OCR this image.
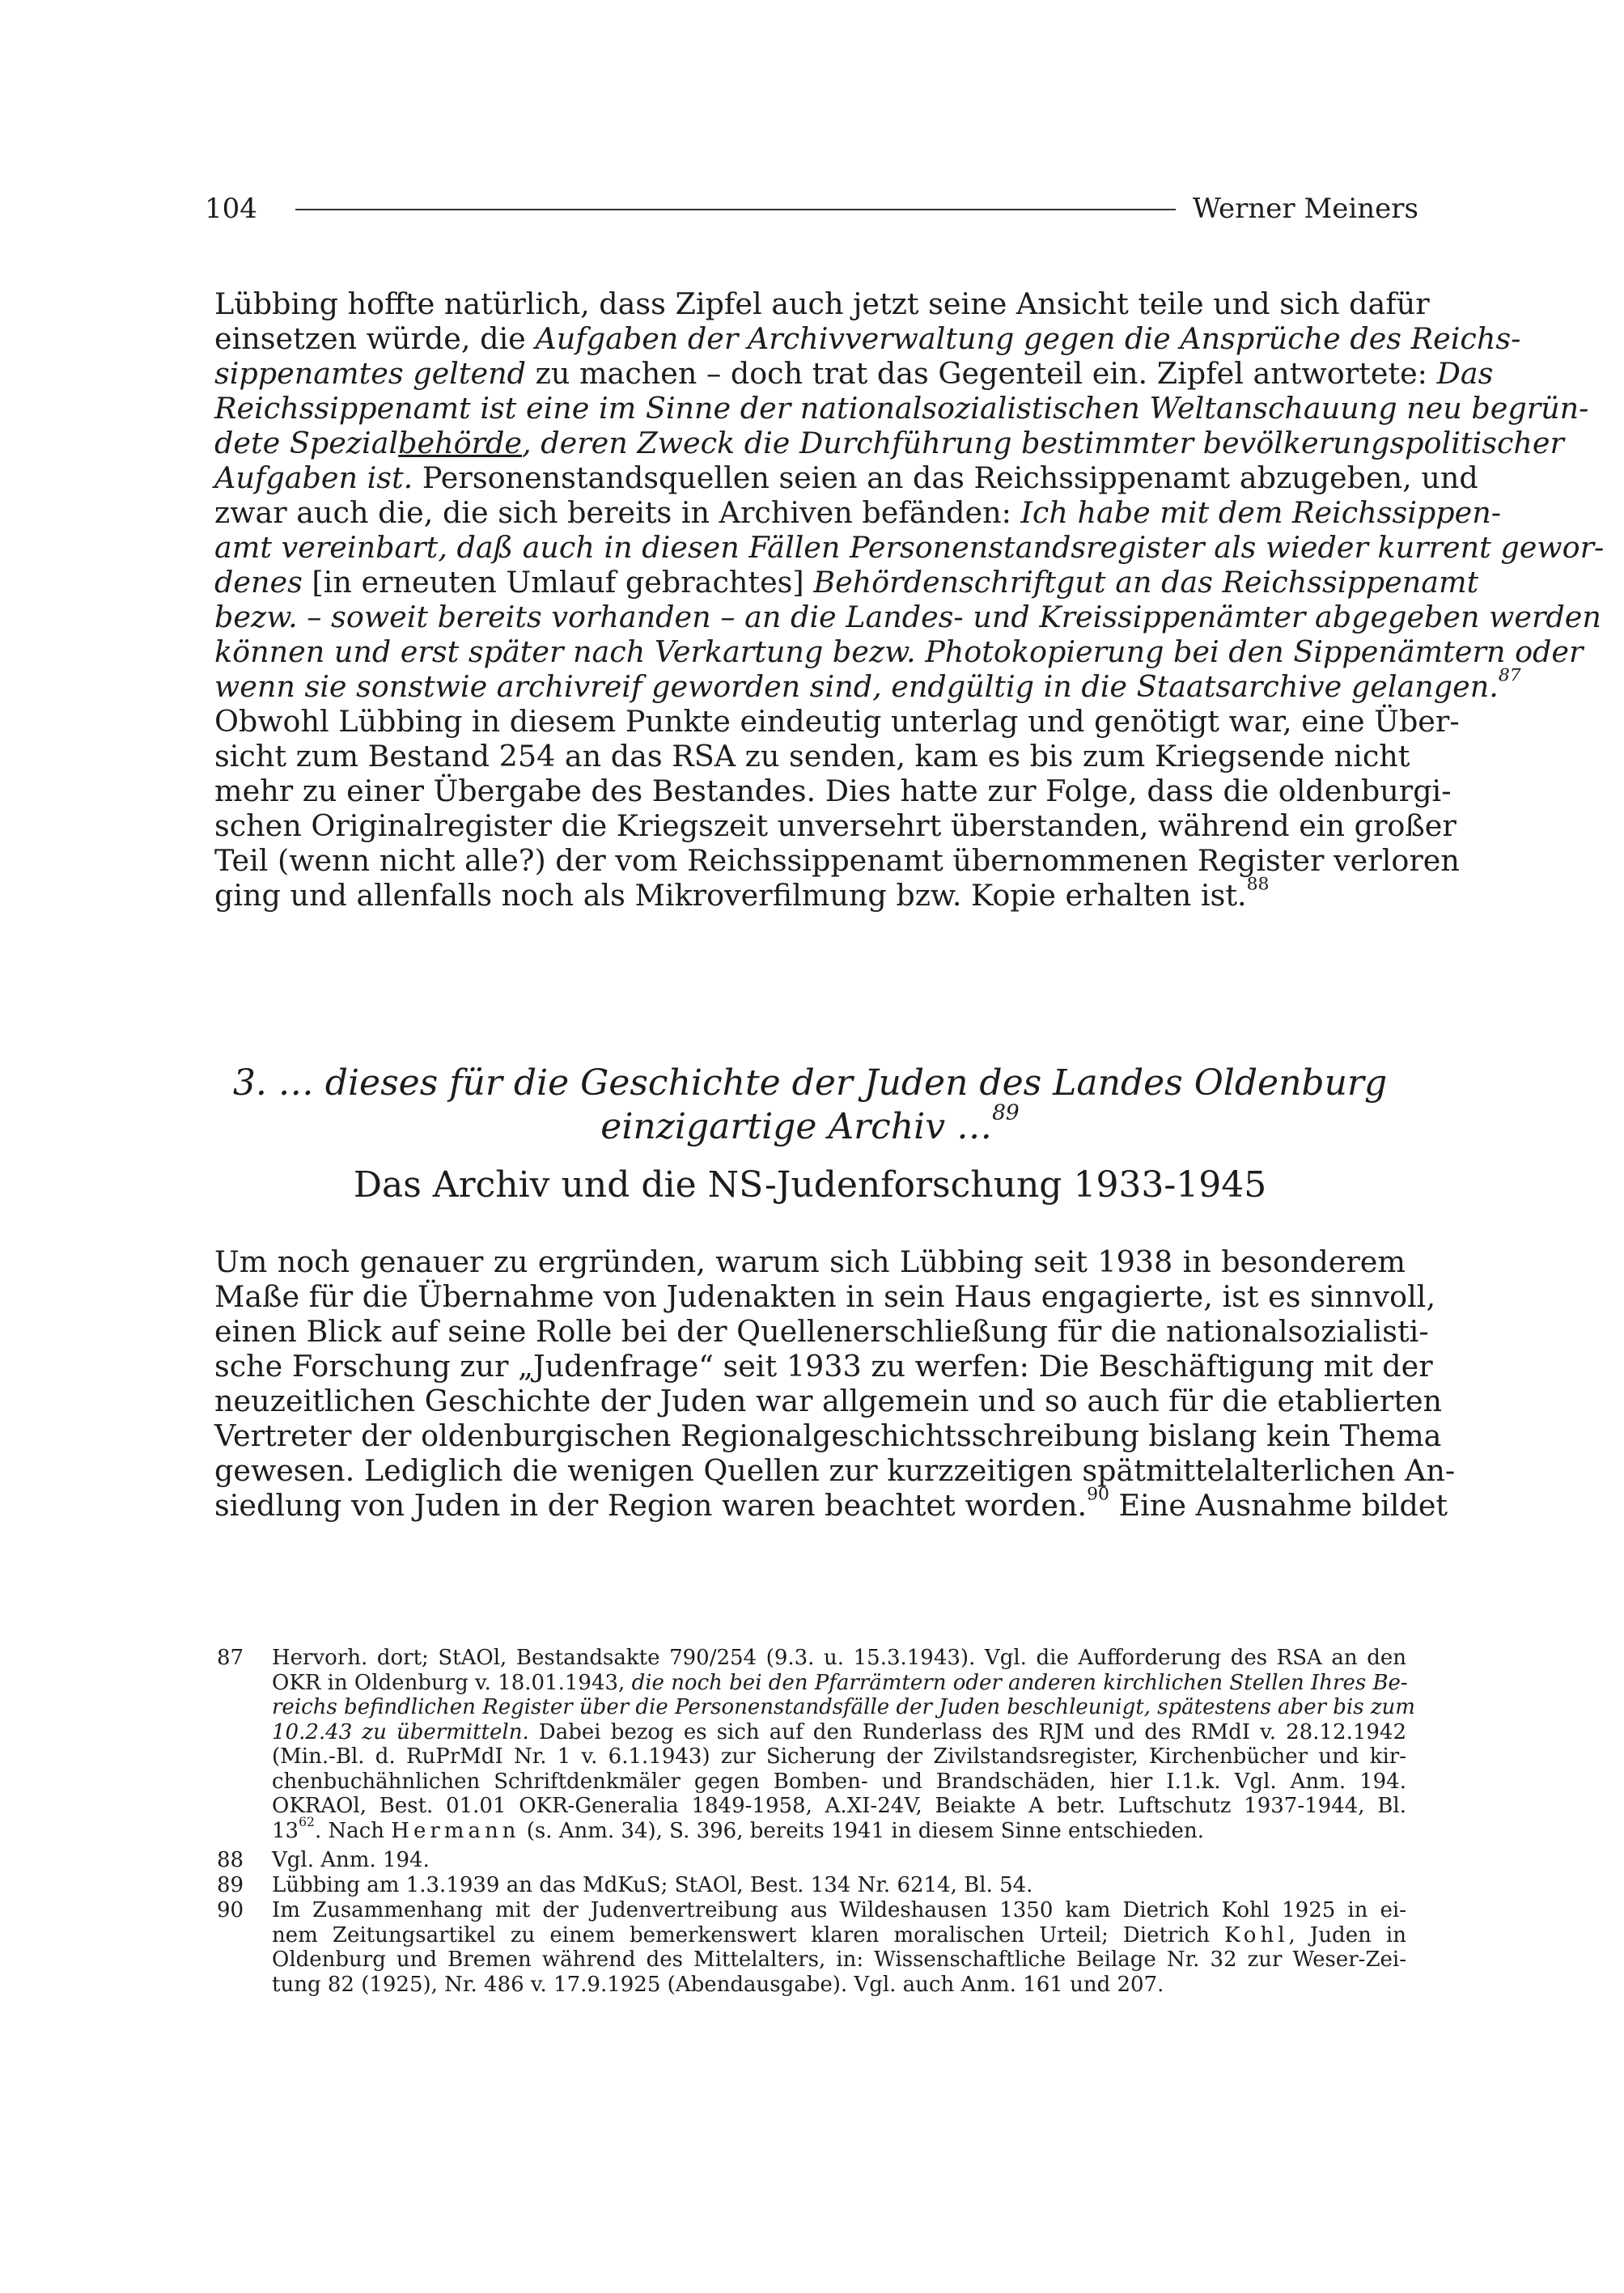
104	Werner Meiners
Lübbing hoffte natürlich, dass Zipfel auch jetzt seine Ansicht teile und sich dafür
einsetzen würde, die Aufgaben der Archivverwaltung gegen die Ansprüche des Reichs-
sippenamtes geltend zu machen – doch trat das Gegenteil ein. Zipfel antwortete: Das
Reichssippenamt ist eine im Sinne der nationalsozialistischen Weltanschauung neu begrün-
dete Spezialbehörde, deren Zweck die Durchführung bestimmter bevölkerungspolitischer
Aufgaben ist. Personenstandsquellen seien an das Reichssippenamt abzugeben, und
zwar auch die, die sich bereits in Archiven befänden: Ich habe mit dem Reichssippen-
amt vereinbart, daß auch in diesen Fällen Personenstandsregister als wieder kurrent gewor-
denes [in erneuten Umlauf gebrachtes] Behördenschriftgut an das Reichssippenamt
bezw. – soweit bereits vorhanden – an die Landes- und Kreissippenämter abgegeben werden
können und erst später nach Verkartung bezw. Photokopierung bei den Sippenämtern oder
wenn sie sonstwie archivreif geworden sind, endgültig in die Staatsarchive gelangen.$^{87}$
Obwohl Lübbing in diesem Punkte eindeutig unterlag und genötigt war, eine Über-
sicht zum Bestand 254 an das RSA zu senden, kam es bis zum Kriegsende nicht
mehr zu einer Übergabe des Bestandes. Dies hatte zur Folge, dass die oldenburgi-
schen Originalregister die Kriegszeit unversehrt überstanden, während ein großer
Teil (wenn nicht alle?) der vom Reichssippenamt übernommenen Register verloren
ging und allenfalls noch als Mikroverfilmung bzw. Kopie erhalten ist.$^{88}$
3. … dieses für die Geschichte der Juden des Landes Oldenburg
einzigartige Archiv …$^{89}$
Das Archiv und die NS-Judenforschung 1933-1945
Um noch genauer zu ergründen, warum sich Lübbing seit 1938 in besonderem
Maße für die Übernahme von Judenakten in sein Haus engagierte, ist es sinnvoll,
einen Blick auf seine Rolle bei der Quellenerschließung für die nationalsozialisti-
sche Forschung zur „Judenfrage“ seit 1933 zu werfen: Die Beschäftigung mit der
neuzeitlichen Geschichte der Juden war allgemein und so auch für die etablierten
Vertreter der oldenburgischen Regionalgeschichtsschreibung bislang kein Thema
gewesen. Lediglich die wenigen Quellen zur kurzzeitigen spätmittelalterlichen An-
siedlung von Juden in der Region waren beachtet worden.$^{90}$ Eine Ausnahme bildet
87	Hervorh. dort; StAOl, Bestandsakte 790/254 (9.3. u. 15.3.1943). Vgl. die Aufforderung des RSA an den
OKR in Oldenburg v. 18.01.1943, die noch bei den Pfarrämtern oder anderen kirchlichen Stellen Ihres Be-
reichs befindlichen Register über die Personenstandsfälle der Juden beschleunigt, spätestens aber bis zum
10.2.43 zu übermitteln. Dabei bezog es sich auf den Runderlass des RJM und des RMdI v. 28.12.1942
(Min.-Bl. d. RuPrMdI Nr. 1 v. 6.1.1943) zur Sicherung der Zivilstandsregister, Kirchenbücher und kir-
chenbuchähnlichen Schriftdenkmäler gegen Bomben- und Brandschäden, hier I.1.k. Vgl. Anm. 194.
OKRAOl, Best. 01.01 OKR-Generalia 1849-1958, A.XI-24V, Beiakte A betr. Luftschutz 1937-1944, Bl.
$13^{62}$. Nach Hermann (s. Anm. 34), S. 396, bereits 1941 in diesem Sinne entschieden.
88	Vgl. Anm. 194.
89	Lübbing am 1.3.1939 an das MdKuS; StAOl, Best. 134 Nr. 6214, Bl. 54.
90	Im Zusammenhang mit der Judenvertreibung aus Wildeshausen 1350 kam Dietrich Kohl 1925 in ei-
nem Zeitungsartikel zu einem bemerkenswert klaren moralischen Urteil; Dietrich Kohl, Juden in
Oldenburg und Bremen während des Mittelalters, in: Wissenschaftliche Beilage Nr. 32 zur Weser-Zei-
tung 82 (1925), Nr. 486 v. 17.9.1925 (Abendausgabe). Vgl. auch Anm. 161 und 207.
